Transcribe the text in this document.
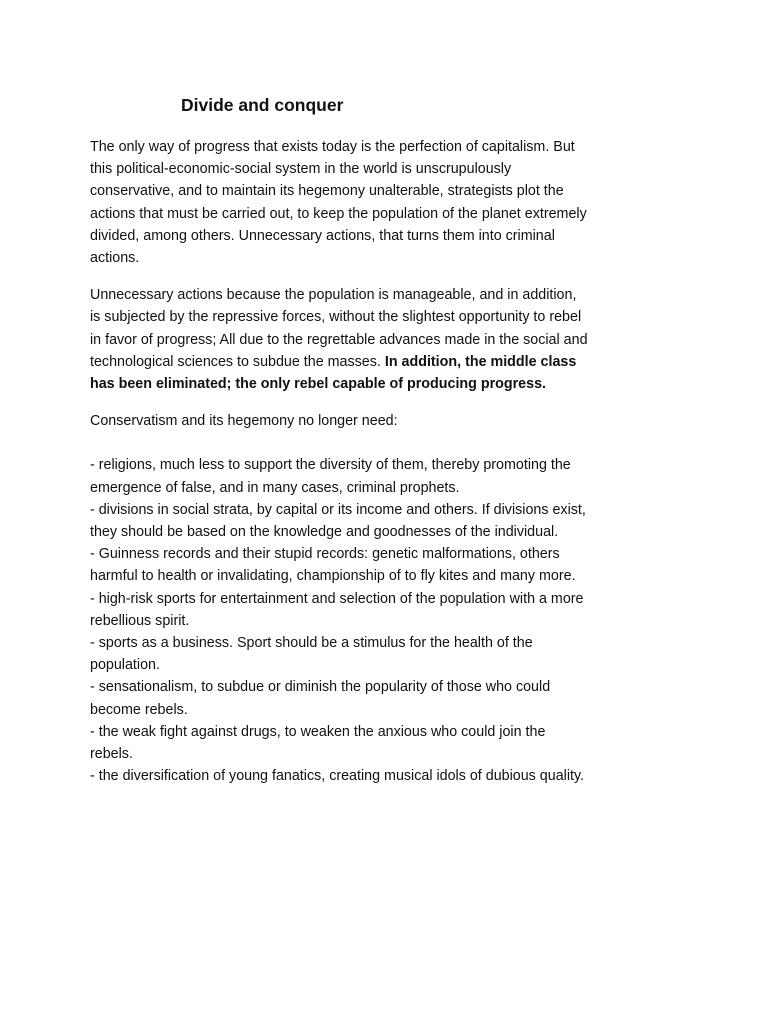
Divide and conquer

The only way of progress that exists today is the perfection of capitalism. But this political-economic-social system in the world is unscrupulously conservative, and to maintain its hegemony unalterable, strategists plot the actions that must be carried out, to keep the population of the planet extremely divided, among others. Unnecessary actions, that turns them into criminal actions.

Unnecessary actions because the population is manageable, and in addition, is subjected by the repressive forces, without the slightest opportunity to rebel in favor of progress; All due to the regrettable advances made in the social and technological sciences to subdue the masses. In addition, the middle class has been eliminated; the only rebel capable of producing progress.

Conservatism and its hegemony no longer need:

- religions, much less to support the diversity of them, thereby promoting the emergence of false, and in many cases, criminal prophets.
- divisions in social strata, by capital or its income and others. If divisions exist, they should be based on the knowledge and goodnesses of the individual.
- Guinness records and their stupid records: genetic malformations, others harmful to health or invalidating, championship of to fly kites and many more.
- high-risk sports for entertainment and selection of the population with a more rebellious spirit.
- sports as a business. Sport should be a stimulus for the health of the population.
- sensationalism, to subdue or diminish the popularity of those who could become rebels.
- the weak fight against drugs, to weaken the anxious who could join the rebels.
- the diversification of young fanatics, creating musical idols of dubious quality.
